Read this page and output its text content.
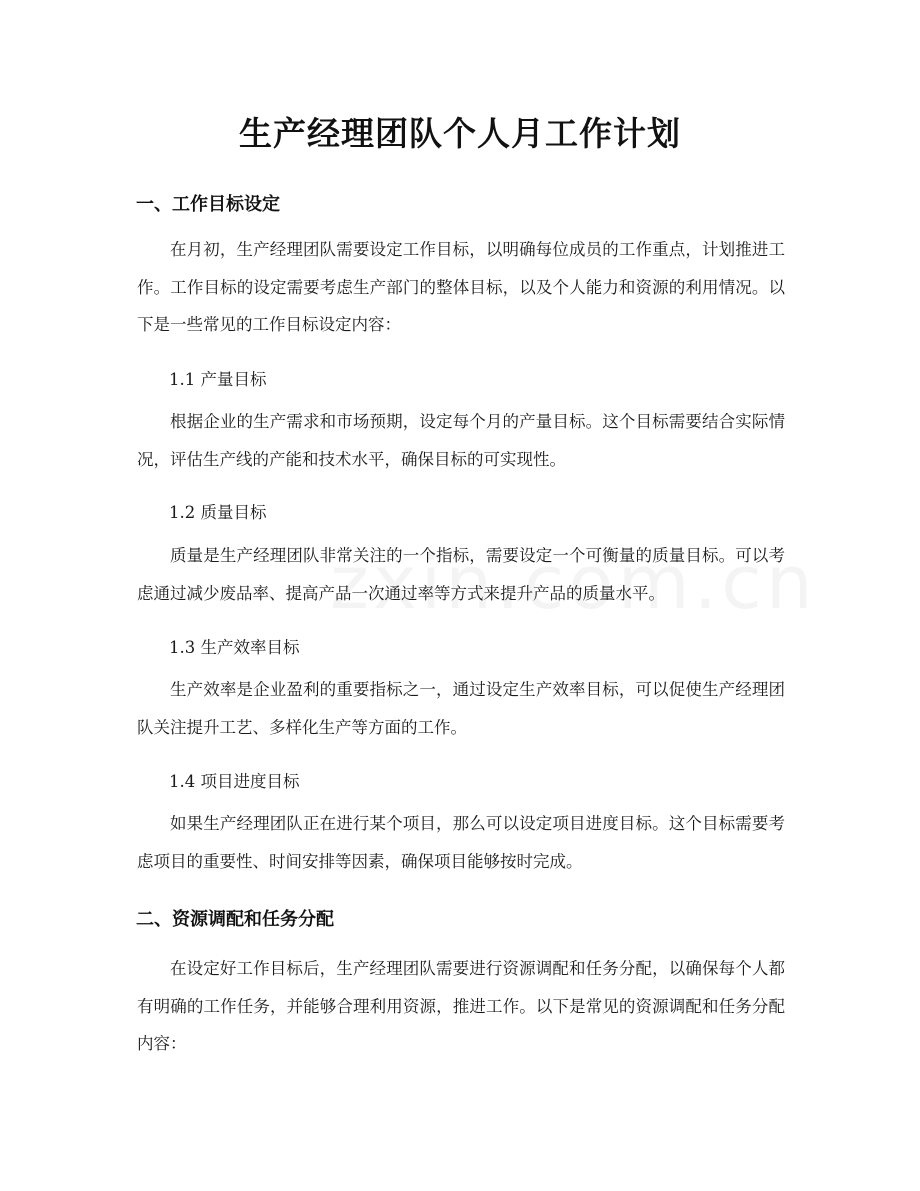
生产经理团队个人月工作计划
一、工作目标设定
在月初，生产经理团队需要设定工作目标，以明确每位成员的工作重点，计划推进工作。工作目标的设定需要考虑生产部门的整体目标，以及个人能力和资源的利用情况。以下是一些常见的工作目标设定内容：
1.1 产量目标
根据企业的生产需求和市场预期，设定每个月的产量目标。这个目标需要结合实际情况，评估生产线的产能和技术水平，确保目标的可实现性。
1.2 质量目标
质量是生产经理团队非常关注的一个指标，需要设定一个可衡量的质量目标。可以考虑通过减少废品率、提高产品一次通过率等方式来提升产品的质量水平。
1.3 生产效率目标
生产效率是企业盈利的重要指标之一，通过设定生产效率目标，可以促使生产经理团队关注提升工艺、多样化生产等方面的工作。
1.4 项目进度目标
如果生产经理团队正在进行某个项目，那么可以设定项目进度目标。这个目标需要考虑项目的重要性、时间安排等因素，确保项目能够按时完成。
二、资源调配和任务分配
在设定好工作目标后，生产经理团队需要进行资源调配和任务分配，以确保每个人都有明确的工作任务，并能够合理利用资源，推进工作。以下是常见的资源调配和任务分配内容：
